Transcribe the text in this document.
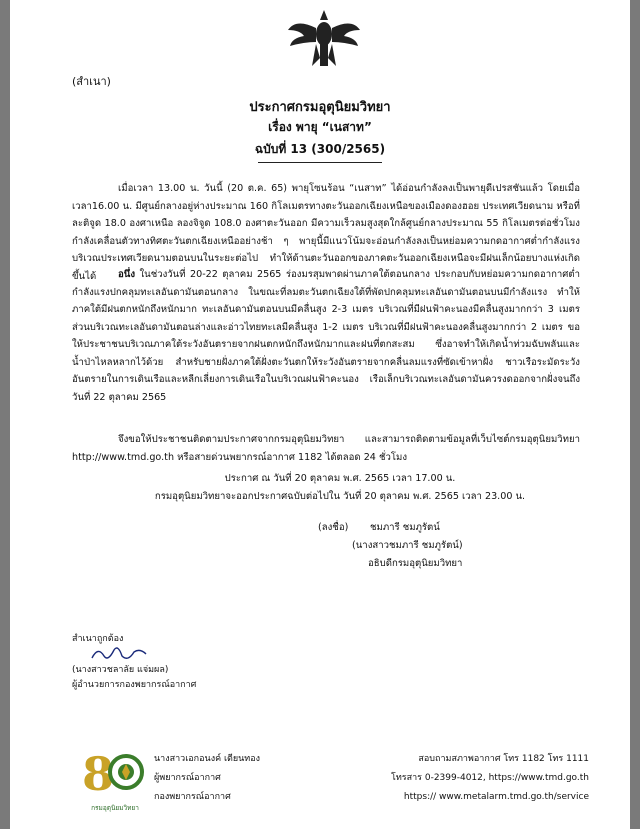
(สำเนา)
ประกาศกรมอุตุนิยมวิทยา
เรื่อง พายุ “เนสาท”
ฉบับที่ 13 (300/2565)
เมื่อเวลา 13.00 น. วันนี้ (20 ต.ค. 65) พายุโซนร้อน “เนสาท” ได้อ่อนกำลังลงเป็นพายุดีเปรสชันแล้ว โดยเมื่อเวลา16.00 น. มีศูนย์กลางอยู่ห่างประมาณ 160 กิโลเมตรทางตะวันออกเฉียงเหนือของเมืองดองฮอย ประเทศเวียดนาม หรือที่ละติจูด 18.0 องศาเหนือ ลองจิจูด 108.0 องศาตะวันออก มีความเร็วลมสูงสุดใกล้ศูนย์กลางประมาณ 55 กิโลเมตรต่อชั่วโมง กำลังเคลื่อนตัวทางทิศตะวันตกเฉียงเหนืออย่างช้า ๆ พายุนี้มีแนวโน้มจะอ่อนกำลังลงเป็นหย่อมความกดอากาศต่ำกำลังแรง บริเวณประเทศเวียดนามตอนบนในระยะต่อไป ทำให้ด้านตะวันออกของภาคตะวันออกเฉียงเหนือจะมีฝนเล็กน้อยบางแห่งเกิดขึ้นได้	อนึ่ง ในช่วงวันที่ 20-22 ตุลาคม 2565 ร่องมรสุมพาดผ่านภาคใต้ตอนกลาง ประกอบกับหย่อมความกดอากาศต่ำกำลังแรงปกคลุมทะเลอันดามันตอนกลาง ในขณะที่ลมตะวันตกเฉียงใต้ที่พัดปกคลุมทะเลอันดามันตอนบนมีกำลังแรง ทำให้ภาคใต้มีฝนตกหนักถึงหนักมาก ทะเลอันดามันตอนบนมีคลื่นสูง 2-3 เมตร บริเวณที่มีฝนฟ้าคะนองมีคลื่นสูงมากกว่า 3 เมตร ส่วนบริเวณทะเลอันดามันตอนล่างและอ่าวไทยทะเลมีคลื่นสูง 1-2 เมตร บริเวณที่มีฝนฟ้าคะนองคลื่นสูงมากกว่า 2 เมตร ขอให้ประชาชนบริเวณภาคใต้ระวังอันตรายจากฝนตกหนักถึงหนักมากและฝนที่ตกสะสม ซึ่งอาจทำให้เกิดน้ำท่วมฉับพลันและน้ำป่าไหลหลากไว้ด้วย สำหรับชายฝั่งภาคใต้ฝั่งตะวันตกให้ระวังอันตรายจากคลื่นลมแรงที่ซัดเข้าหาฝั่ง ชาวเรือระมัดระวังอันตรายในการเดินเรือและหลีกเลี่ยงการเดินเรือในบริเวณฝนฟ้าคะนอง เรือเล็กบริเวณทะเลอันดามันควรงดออกจากฝั่งจนถึงวันที่ 22 ตุลาคม 2565
จึงขอให้ประชาชนติดตามประกาศจากกรมอุตุนิยมวิทยา และสามารถติดตามข้อมูลที่เว็บไซต์กรมอุตุนิยมวิทยา http://www.tmd.go.th หรือสายด่วนพยากรณ์อากาศ 1182 ได้ตลอด 24 ชั่วโมง
ประกาศ ณ วันที่ 20 ตุลาคม พ.ศ. 2565 เวลา 17.00 น.
กรมอุตุนิยมวิทยาจะออกประกาศฉบับต่อไปใน วันที่ 20 ตุลาคม พ.ศ. 2565 เวลา 23.00 น.
(ลงชื่อ) ชมภารี ชมภูรัตน์
(นางสาวชมภารี ชมภูรัตน์)
อธิบดีกรมอุตุนิยมวิทยา
สำเนาถูกต้อง
(นางสาวชลาลัย แจ่มผล)
ผู้อำนวยการกองพยากรณ์อากาศ
8
กรมอุตุนิยมวิทยา
นางสาวเอกอนงค์ เตียนทอง
ผู้พยากรณ์อากาศ
กองพยากรณ์อากาศ
สอบถามสภาพอากาศ โทร 1182 โทร 1111
โทรสาร 0-2399-4012, https://www.tmd.go.th
https:// www.metalarm.tmd.go.th/service
